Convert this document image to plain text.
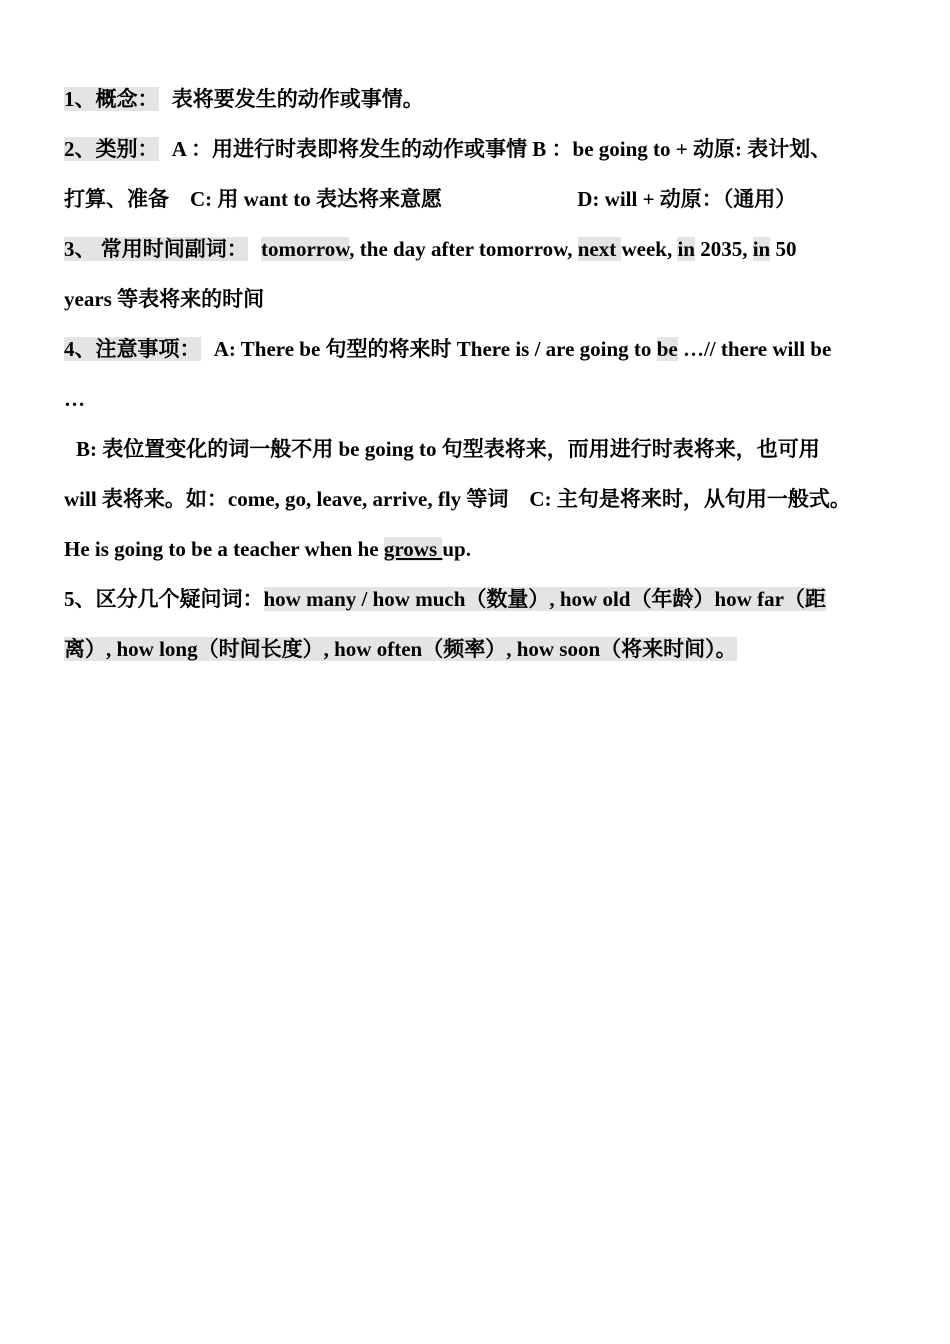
1、概念： 表将要发生的动作或事情。
2、类别： A ：用进行时表即将发生的动作或事情 B ：be going to + 动原: 表计划、
打算、准备 C: 用 want to 表达将来意愿	D: will + 动原：（通用）
3、 常用时间副词： tomorrow, the day after tomorrow, next week, in 2035, in 50
years 等表将来的时间
4、注意事项： A: There be 句型的将来时 There is / are going to be …// there will be
…
B: 表位置变化的词一般不用 be going to 句型表将来，而用进行时表将来，也可用
will 表将来。如：come, go, leave, arrive, fly 等词 C: 主句是将来时，从句用一般式。
He is going to be a teacher when he grows up.
5、区分几个疑问词：how many / how much（数量）, how old（年龄）how far（距
离）, how long（时间长度）, how often（频率）, how soon（将来时间）。
